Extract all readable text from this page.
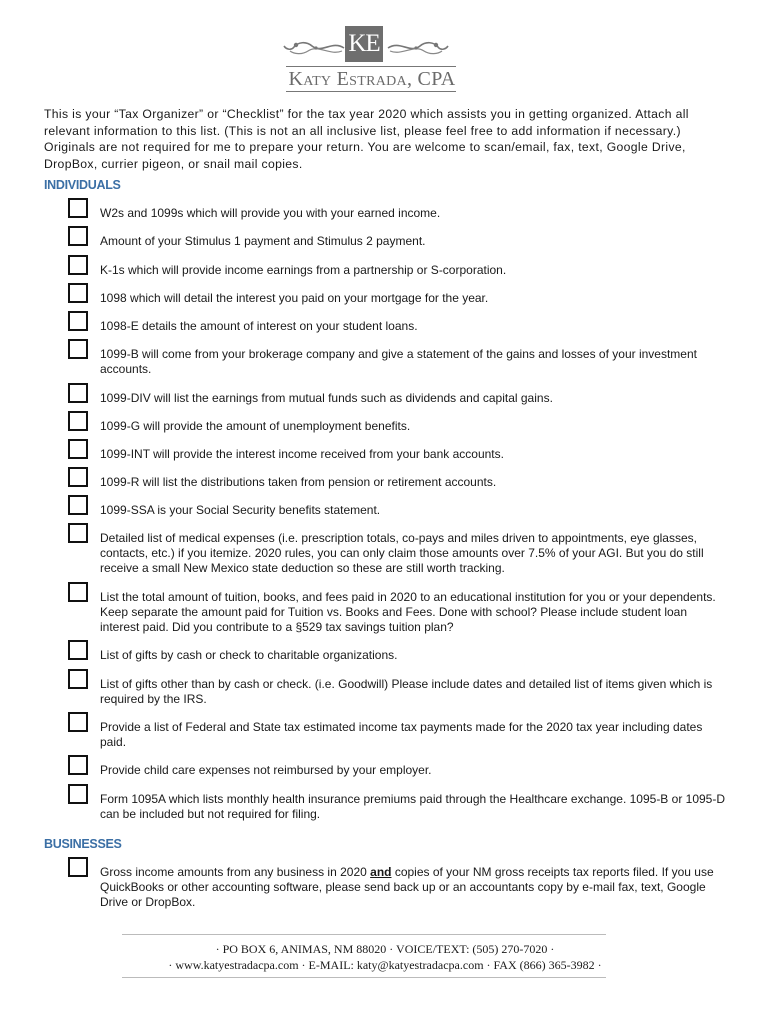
KE
Katy Estrada, CPA
This is your “Tax Organizer” or “Checklist” for the tax year 2020 which assists you in getting organized. Attach all relevant information to this list. (This is not an all inclusive list, please feel free to add information if necessary.) Originals are not required for me to prepare your return. You are welcome to scan/email, fax, text, Google Drive, DropBox, currier pigeon, or snail mail copies.
INDIVIDUALS
W2s and 1099s which will provide you with your earned income.
Amount of your Stimulus 1 payment and Stimulus 2 payment.
K-1s which will provide income earnings from a partnership or S-corporation.
1098 which will detail the interest you paid on your mortgage for the year.
1098-E details the amount of interest on your student loans.
1099-B will come from your brokerage company and give a statement of the gains and losses of your investment accounts.
1099-DIV will list the earnings from mutual funds such as dividends and capital gains.
1099-G will provide the amount of unemployment benefits.
1099-INT will provide the interest income received from your bank accounts.
1099-R will list the distributions taken from pension or retirement accounts.
1099-SSA is your Social Security benefits statement.
Detailed list of medical expenses (i.e. prescription totals, co-pays and miles driven to appointments, eye glasses, contacts, etc.) if you itemize. 2020 rules, you can only claim those amounts over 7.5% of your AGI. But you do still receive a small New Mexico state deduction so these are still worth tracking.
List the total amount of tuition, books, and fees paid in 2020 to an educational institution for you or your dependents. Keep separate the amount paid for Tuition vs. Books and Fees. Done with school? Please include student loan interest paid. Did you contribute to a §529 tax savings tuition plan?
List of gifts by cash or check to charitable organizations.
List of gifts other than by cash or check. (i.e. Goodwill) Please include dates and detailed list of items given which is required by the IRS.
Provide a list of Federal and State tax estimated income tax payments made for the 2020 tax year including dates paid.
Provide child care expenses not reimbursed by your employer.
Form 1095A which lists monthly health insurance premiums paid through the Healthcare exchange. 1095-B or 1095-D can be included but not required for filing.
BUSINESSES
Gross income amounts from any business in 2020 and copies of your NM gross receipts tax reports filed. If you use QuickBooks or other accounting software, please send back up or an accountants copy by e-mail fax, text, Google Drive or DropBox.
· PO BOX 6, ANIMAS, NM 88020 · VOICE/TEXT: (505) 270-7020 ·
· www.katyestradacpa.com · E-MAIL: katy@katyestradacpa.com · FAX (866) 365-3982 ·
